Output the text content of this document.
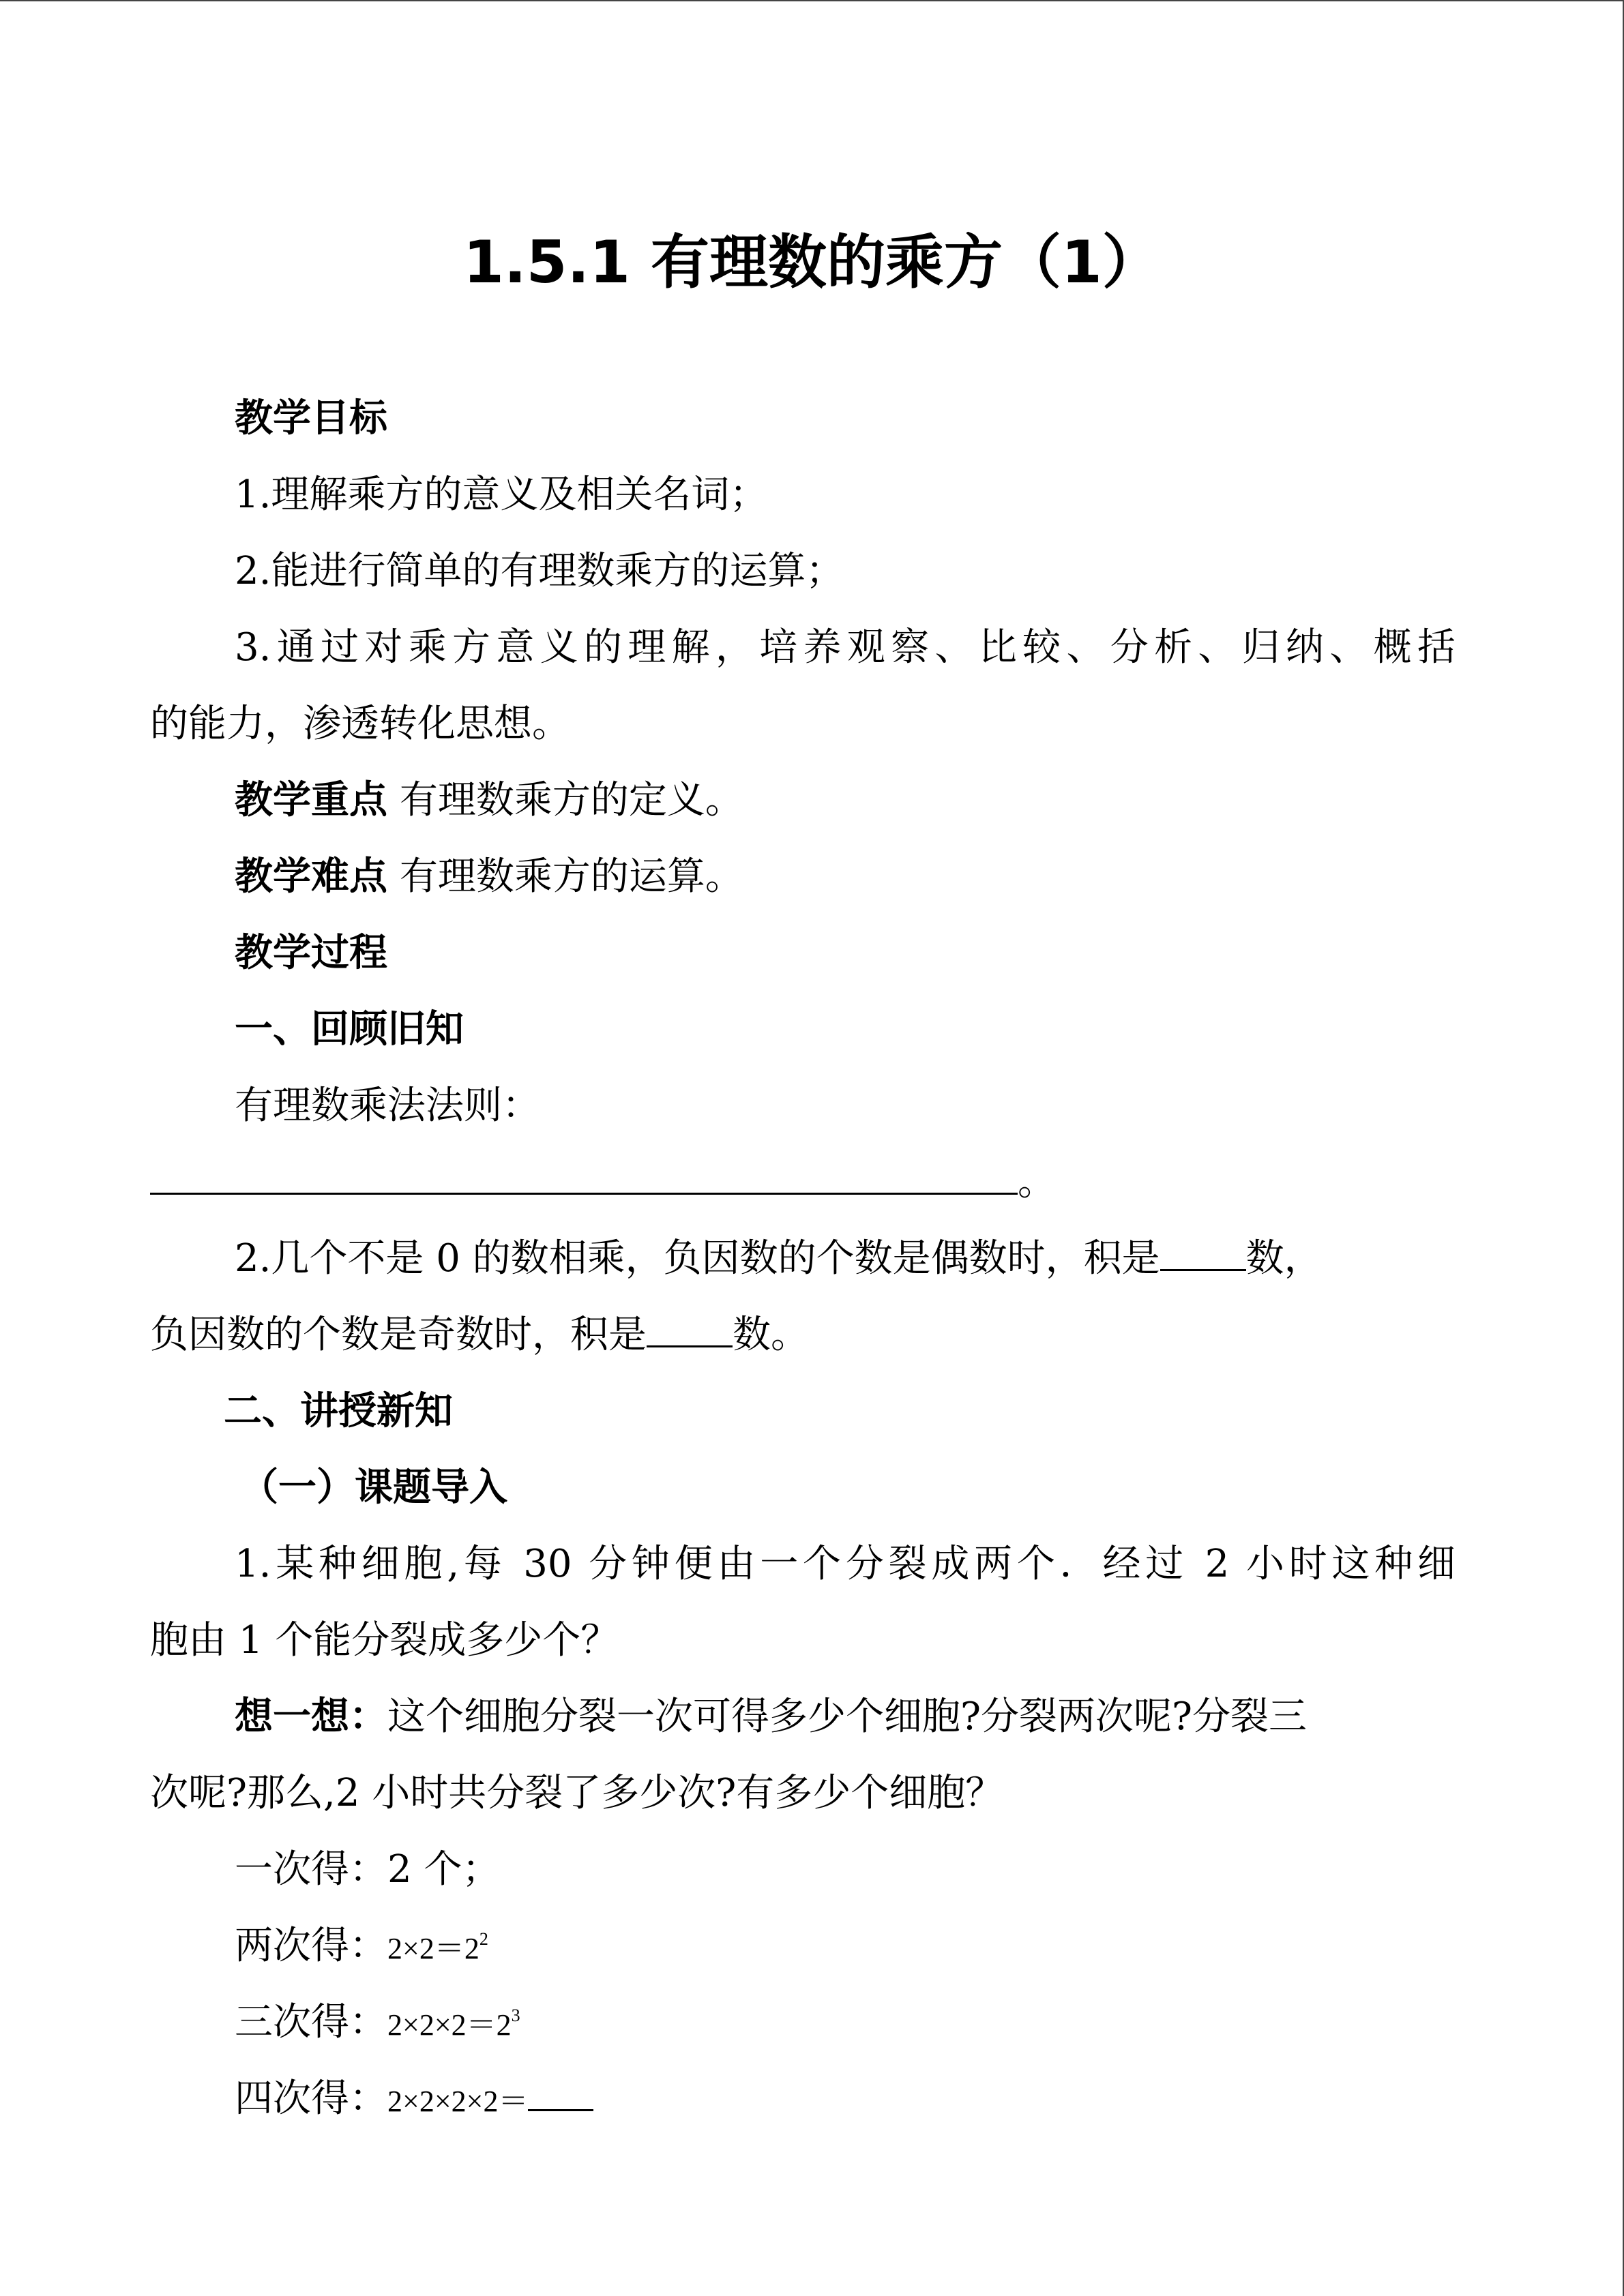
1.5.1 有理数的乘方（1）
教学目标
1.理解乘方的意义及相关名词；
2.能进行简单的有理数乘方的运算；
3.通过对乘方意义的理解，培养观察、比较、分析、归纳、概括
的能力，渗透转化思想。
教学重点 有理数乘方的定义。
教学难点 有理数乘方的运算。
教学过程
一、回顾旧知
有理数乘法法则：
。
2.几个不是 0 的数相乘，负因数的个数是偶数时，积是 数，
负因数的个数是奇数时，积是 数。
二、讲授新知
（一）课题导入
1.某种细胞,每 30 分钟便由一个分裂成两个．经过 2 小时这种细
胞由 1 个能分裂成多少个？
想一想：这个细胞分裂一次可得多少个细胞?分裂两次呢?分裂三
次呢?那么,2 小时共分裂了多少次?有多少个细胞？
一次得：2 个；
两次得：$2\times 2=2^2$
三次得：$2\times 2\times 2=2^3$
四次得：2×2×2×2＝
